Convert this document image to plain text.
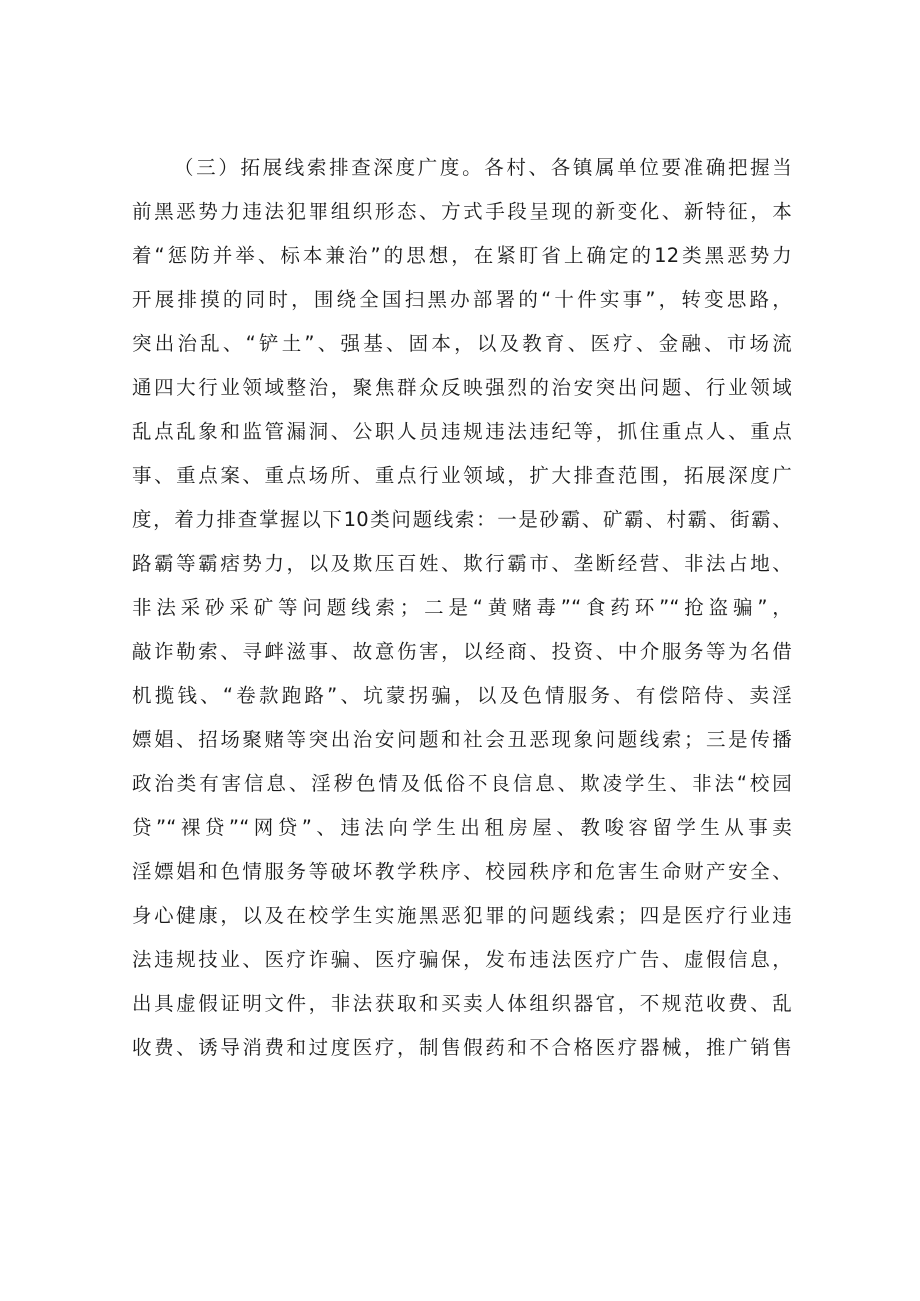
（三）拓展线索排查深度广度。各村、各镇属单位要准确把握当
前黑恶势力违法犯罪组织形态、方式手段呈现的新变化、新特征，本
着“惩防并举、标本兼治”的思想，在紧盯省上确定的12类黑恶势力
开展排摸的同时，围绕全国扫黑办部署的“十件实事”，转变思路，
突出治乱、“铲土”、强基、固本，以及教育、医疗、金融、市场流
通四大行业领域整治，聚焦群众反映强烈的治安突出问题、行业领域
乱点乱象和监管漏洞、公职人员违规违法违纪等，抓住重点人、重点
事、重点案、重点场所、重点行业领域，扩大排查范围，拓展深度广
度，着力排查掌握以下10类问题线索：一是砂霸、矿霸、村霸、街霸、
路霸等霸痞势力，以及欺压百姓、欺行霸市、垄断经营、非法占地、
非法采砂采矿等问题线索；二是“黄赌毒”“食药环”“抢盗骗”，
敲诈勒索、寻衅滋事、故意伤害，以经商、投资、中介服务等为名借
机揽钱、“卷款跑路”、坑蒙拐骗，以及色情服务、有偿陪侍、卖淫
嫖娼、招场聚赌等突出治安问题和社会丑恶现象问题线索；三是传播
政治类有害信息、淫秽色情及低俗不良信息、欺凌学生、非法“校园
贷”“裸贷”“网贷”、违法向学生出租房屋、教唆容留学生从事卖
淫嫖娼和色情服务等破坏教学秩序、校园秩序和危害生命财产安全、
身心健康，以及在校学生实施黑恶犯罪的问题线索；四是医疗行业违
法违规技业、医疗诈骗、医疗骗保，发布违法医疗广告、虚假信息，
出具虚假证明文件，非法获取和买卖人体组织器官，不规范收费、乱
收费、诱导消费和过度医疗，制售假药和不合格医疗器械，推广销售
